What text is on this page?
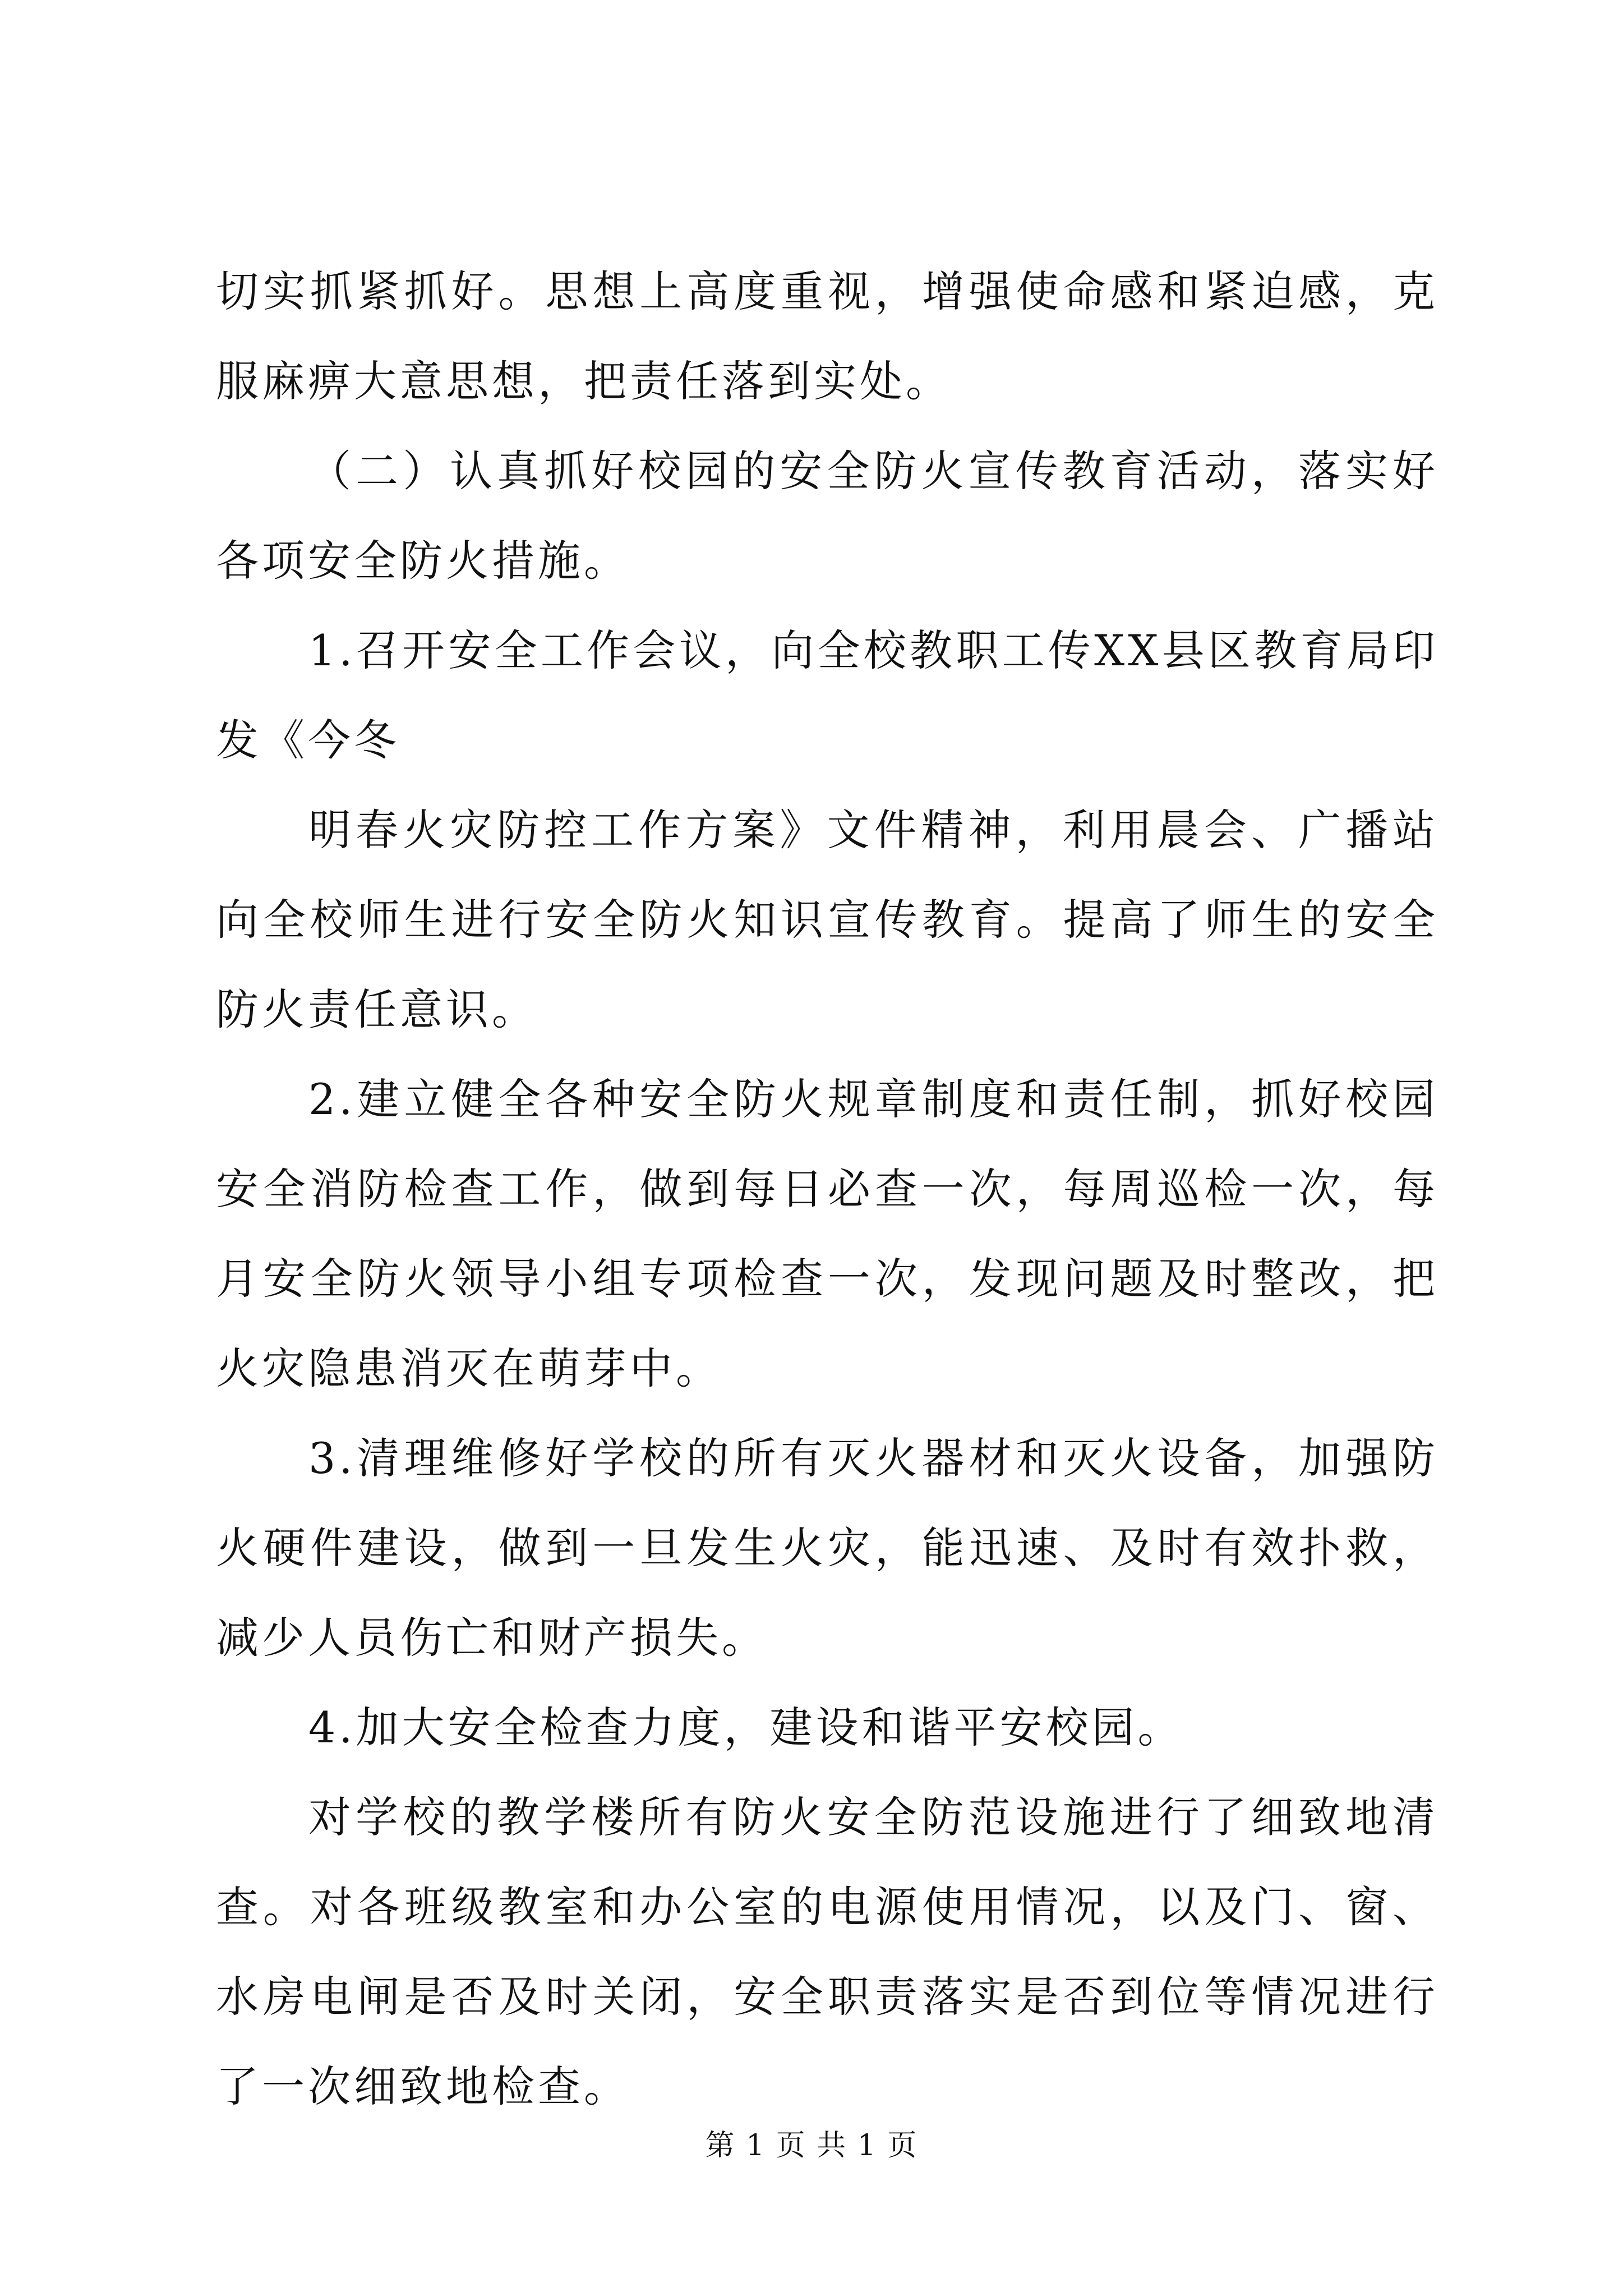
切实抓紧抓好。思想上高度重视，增强使命感和紧迫感，克服麻痹大意思想，把责任落到实处。

（二）认真抓好校园的安全防火宣传教育活动，落实好各项安全防火措施。

1.召开安全工作会议，向全校教职工传XX县区教育局印发《今冬

明春火灾防控工作方案》文件精神，利用晨会、广播站向全校师生进行安全防火知识宣传教育。提高了师生的安全防火责任意识。

2.建立健全各种安全防火规章制度和责任制，抓好校园安全消防检查工作，做到每日必查一次，每周巡检一次，每月安全防火领导小组专项检查一次，发现问题及时整改，把火灾隐患消灭在萌芽中。

3.清理维修好学校的所有灭火器材和灭火设备，加强防火硬件建设，做到一旦发生火灾，能迅速、及时有效扑救，减少人员伤亡和财产损失。

4.加大安全检查力度，建设和谐平安校园。

对学校的教学楼所有防火安全防范设施进行了细致地清查。对各班级教室和办公室的电源使用情况，以及门、窗、水房电闸是否及时关闭，安全职责落实是否到位等情况进行了一次细致地检查。

第 1 页 共 1 页
